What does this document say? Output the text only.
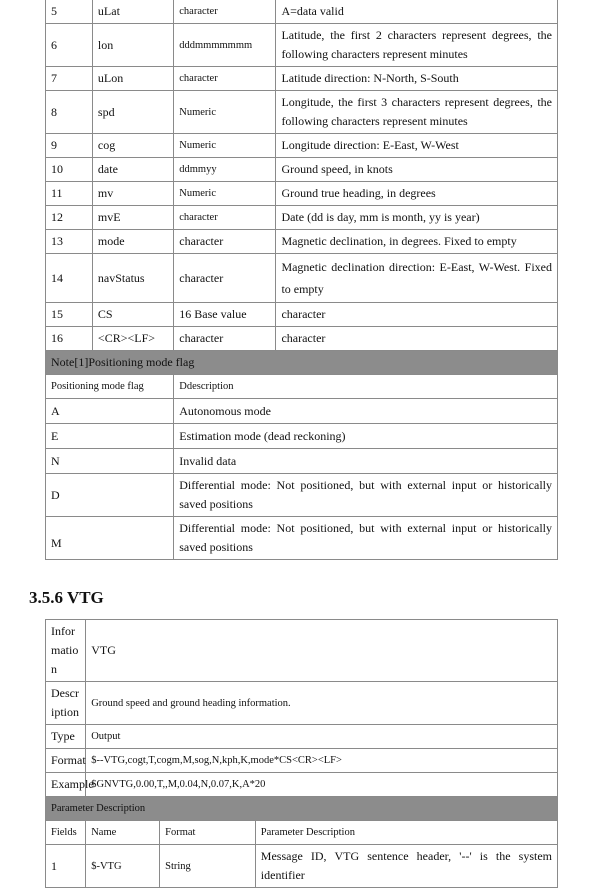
5	uLat	character	A=data valid
6	lon	dddmmmmmmm	Latitude, the first 2 characters represent degrees, the following characters represent minutes
7	uLon	character	Latitude direction: N-North, S-South
8	spd	Numeric	Longitude, the first 3 characters represent degrees, the following characters represent minutes
9	cog	Numeric	Longitude direction: E-East, W-West
10	date	ddmmyy	Ground speed, in knots
11	mv	Numeric	Ground true heading, in degrees
12	mvE	character	Date (dd is day, mm is month, yy is year)
13	mode	character	Magnetic declination, in degrees. Fixed to empty
14	navStatus	character	Magnetic declination direction: E-East, W-West. Fixed to empty
15	CS	16 Base value	character
16	<CR><LF>	character	character
Note[1]Positioning mode flag			
Positioning mode flag		Ddescription	
A		Autonomous mode	
E		Estimation mode (dead reckoning)	
N		Invalid data	
D		Differential mode: Not positioned, but with external input or historically saved positions	
M		Differential mode: Not positioned, but with external input or historically saved positions	
3.5.6 VTG
Information	VTG		
Description	Ground speed and ground heading information.		
Type	Output		
Format	$--VTG,cogt,T,cogm,M,sog,N,kph,K,mode*CS<CR><LF>		
Example	$GNVTG,0.00,T,,M,0.04,N,0.07,K,A*20		
Parameter Description			
Fields	Name	Format	Parameter Description
1	$-VTG	String	Message ID, VTG sentence header, '--' is the system identifier
